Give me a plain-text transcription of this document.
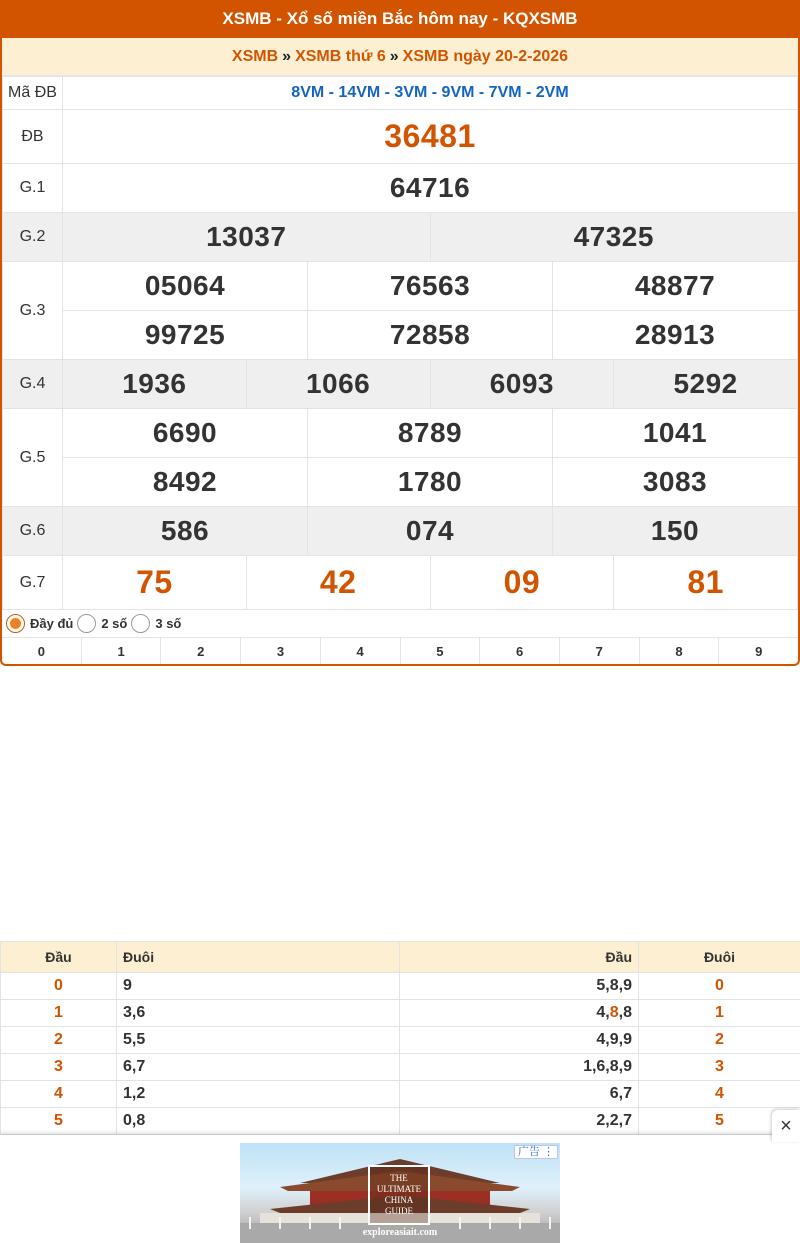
XSMB - Xổ số miền Bắc hôm nay - KQXSMB
XSMB » XSMB thứ 6 » XSMB ngày 20-2-2026
Mã ĐB	8VM - 14VM - 3VM - 9VM - 7VM - 2VM					
ĐB	36481					
G.1	64716					
G.2	13037			47325		
G.3	05064		76563		48877	
	99725		72858		28913	
G.4	1936	1066		6093		5292
G.5	6690		8789		1041	
	8492		1780		3083	
G.6	586		074		150	
G.7	75	42		09		81
Đầy đủ 2 số 3 số
0	1	2	3	4	5	6	7	8	9
Đầu	Đuôi	Đầu	Đuôi
0	9	5,8,9	0
1	3,6	4,8,8	1
2	5,5	4,9,9	2
3	6,7	1,6,8,9	3
4	1,2	6,7	4
5	0,8	2,2,7	5	×
THE
ULTIMATE
CHINA
GUIDE
exploreasiait.com
广告 ⋮
